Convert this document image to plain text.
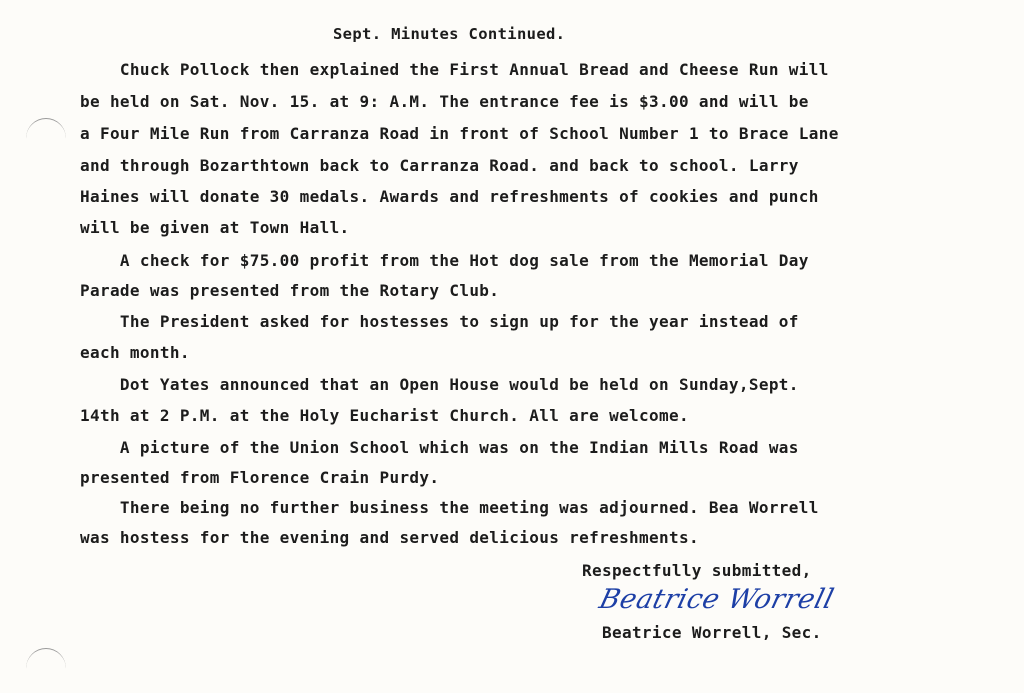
Sept. Minutes Continued.
Chuck Pollock then explained the First Annual Bread and Cheese Run will
be held on Sat. Nov. 15. at 9: A.M. The entrance fee is $3.00 and will be
a Four Mile Run from Carranza Road in front of School Number 1 to Brace Lane
and through Bozarthtown back to Carranza Road. and back to school. Larry
Haines will donate 30 medals. Awards and refreshments of cookies and punch
will be given at Town Hall.
A check for $75.00 profit from the Hot dog sale from the Memorial Day
Parade was presented from the Rotary Club.
The President asked for hostesses to sign up for the year instead of
each month.
Dot Yates announced that an Open House would be held on Sunday,Sept.
14th at 2 P.M. at the Holy Eucharist Church. All are welcome.
A picture of the Union School which was on the Indian Mills Road was
presented from Florence Crain Purdy.
There being no further business the meeting was adjourned. Bea Worrell
was hostess for the evening and served delicious refreshments.
Respectfully submitted,
Beatrice Worrell
Beatrice Worrell, Sec.
